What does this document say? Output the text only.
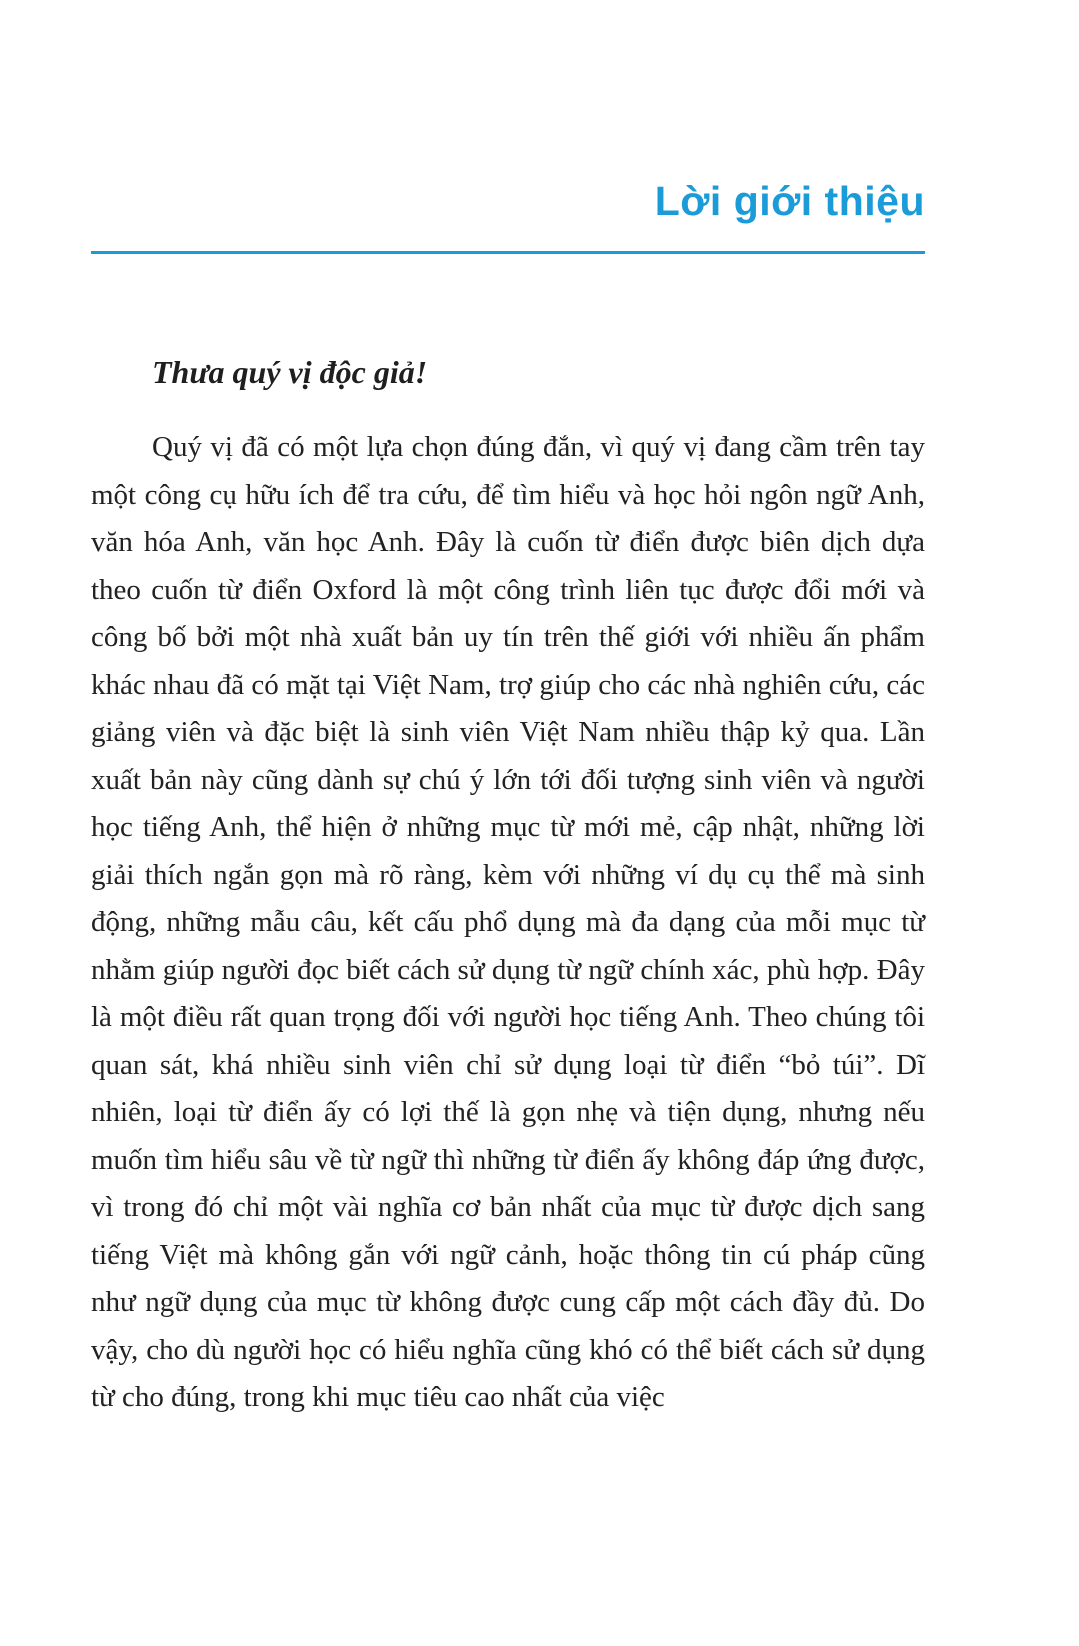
Lời giới thiệu

Thưa quý vị độc giả!

Quý vị đã có một lựa chọn đúng đắn, vì quý vị đang cầm trên tay một công cụ hữu ích để tra cứu, để tìm hiểu và học hỏi ngôn ngữ Anh, văn hóa Anh, văn học Anh. Đây là cuốn từ điển được biên dịch dựa theo cuốn từ điển Oxford là một công trình liên tục được đổi mới và công bố bởi một nhà xuất bản uy tín trên thế giới với nhiều ấn phẩm khác nhau đã có mặt tại Việt Nam, trợ giúp cho các nhà nghiên cứu, các giảng viên và đặc biệt là sinh viên Việt Nam nhiều thập kỷ qua. Lần xuất bản này cũng dành sự chú ý lớn tới đối tượng sinh viên và người học tiếng Anh, thể hiện ở những mục từ mới mẻ, cập nhật, những lời giải thích ngắn gọn mà rõ ràng, kèm với những ví dụ cụ thể mà sinh động, những mẫu câu, kết cấu phổ dụng mà đa dạng của mỗi mục từ nhằm giúp người đọc biết cách sử dụng từ ngữ chính xác, phù hợp. Đây là một điều rất quan trọng đối với người học tiếng Anh. Theo chúng tôi quan sát, khá nhiều sinh viên chỉ sử dụng loại từ điển “bỏ túi”. Dĩ nhiên, loại từ điển ấy có lợi thế là gọn nhẹ và tiện dụng, nhưng nếu muốn tìm hiểu sâu về từ ngữ thì những từ điển ấy không đáp ứng được, vì trong đó chỉ một vài nghĩa cơ bản nhất của mục từ được dịch sang tiếng Việt mà không gắn với ngữ cảnh, hoặc thông tin cú pháp cũng như ngữ dụng của mục từ không được cung cấp một cách đầy đủ. Do vậy, cho dù người học có hiểu nghĩa cũng khó có thể biết cách sử dụng từ cho đúng, trong khi mục tiêu cao nhất của việc
